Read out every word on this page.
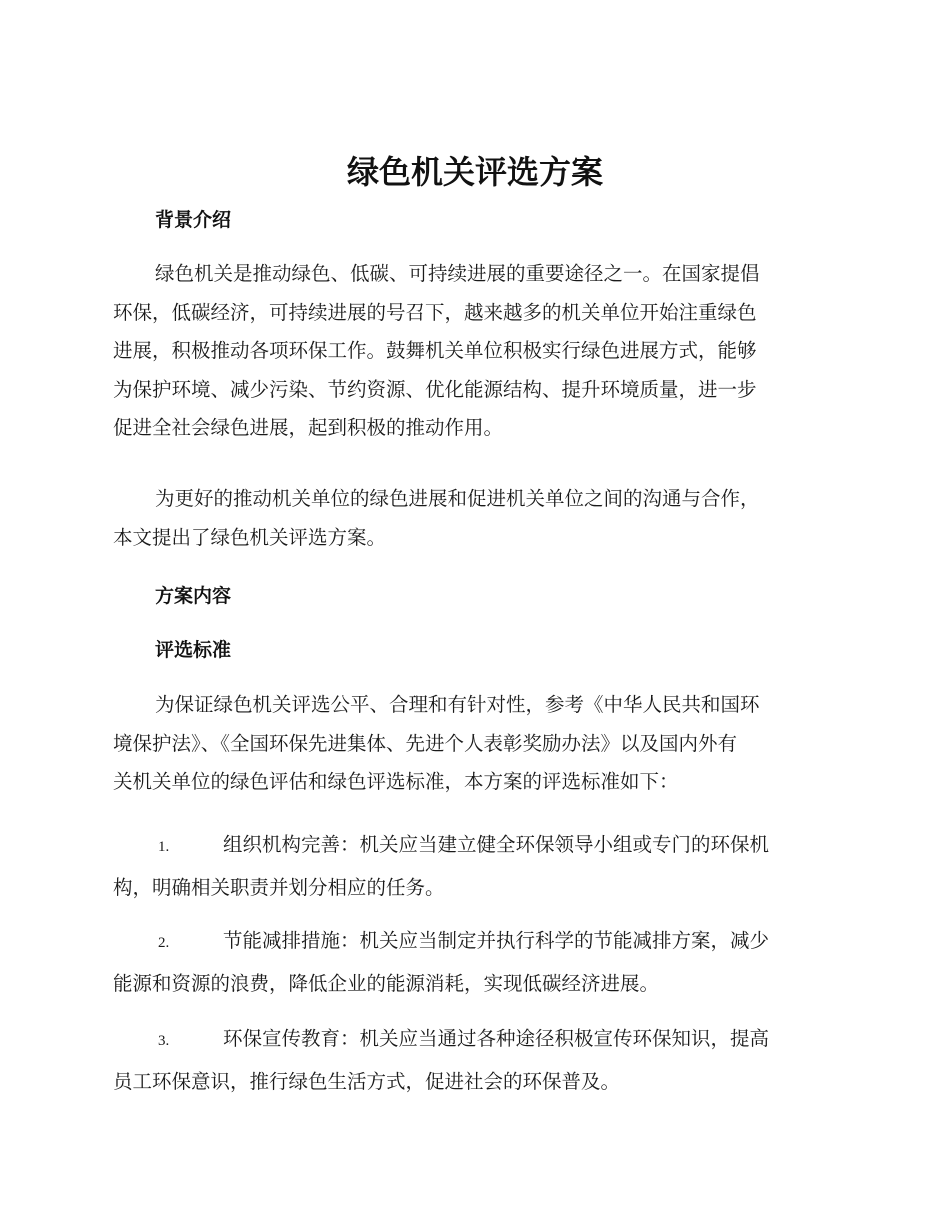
绿色机关评选方案
背景介绍
绿色机关是推动绿色、低碳、可持续进展的重要途径之一。在国家提倡
环保，低碳经济，可持续进展的号召下，越来越多的机关单位开始注重绿色
进展，积极推动各项环保工作。鼓舞机关单位积极实行绿色进展方式，能够
为保护环境、减少污染、节约资源、优化能源结构、提升环境质量，进一步
促进全社会绿色进展，起到积极的推动作用。
为更好的推动机关单位的绿色进展和促进机关单位之间的沟通与合作，
本文提出了绿色机关评选方案。
方案内容
评选标准
为保证绿色机关评选公平、合理和有针对性，参考《中华人民共和国环
境保护法》、《全国环保先进集体、先进个人表彰奖励办法》以及国内外有
关机关单位的绿色评估和绿色评选标准，本方案的评选标准如下：
1.	组织机构完善：机关应当建立健全环保领导小组或专门的环保机
构，明确相关职责并划分相应的任务。
2.	节能减排措施：机关应当制定并执行科学的节能减排方案，减少
能源和资源的浪费，降低企业的能源消耗，实现低碳经济进展。
3.	环保宣传教育：机关应当通过各种途径积极宣传环保知识，提高
员工环保意识，推行绿色生活方式，促进社会的环保普及。
